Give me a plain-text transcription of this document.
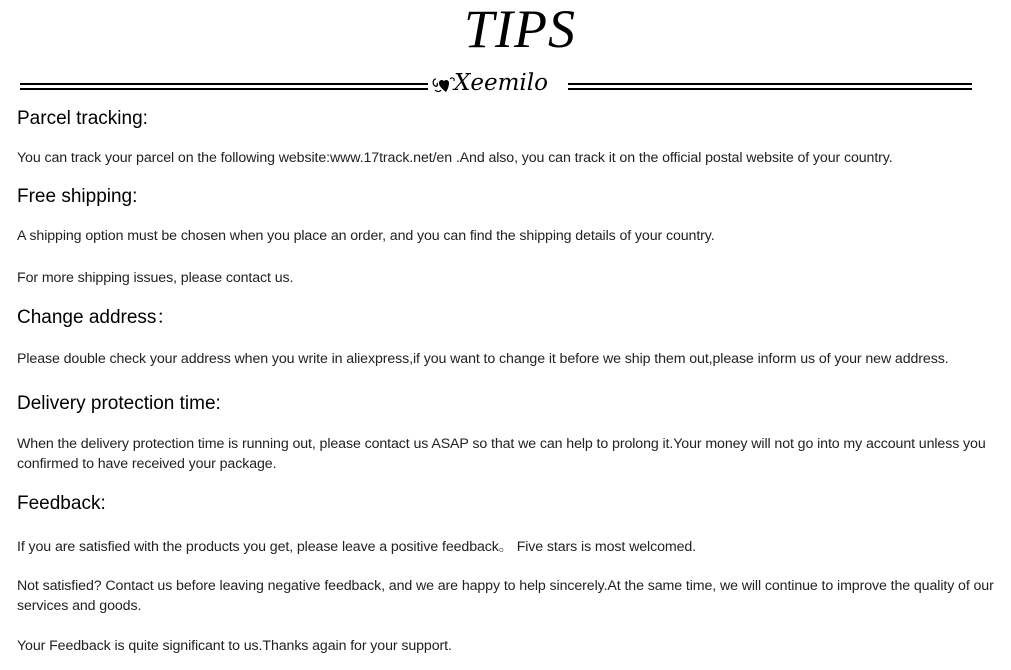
TIPS
Xeemilo
Parcel tracking:
You can track your parcel on the following website:www.17track.net/en .And also, you can track it on the official postal website of your country.
Free shipping:
A shipping option must be chosen when you place an order, and you can find the shipping details of your country.
For more shipping issues, please contact us.
Change address：
Please double check your address when you write in aliexpress,if you want to change it before we ship them out,please inform us of your new address.
Delivery protection time:
When the delivery protection time is running out, please contact us ASAP so that we can help to prolong it.Your money will not go into my account unless you confirmed to have received your package.
Feedback:
If you are satisfied with the products you get, please leave a positive feedback。 Five stars is most welcomed.
Not satisfied? Contact us before leaving negative feedback, and we are happy to help sincerely.At the same time, we will continue to improve the quality of our services and goods.
Your Feedback is quite significant to us.Thanks again for your support.
